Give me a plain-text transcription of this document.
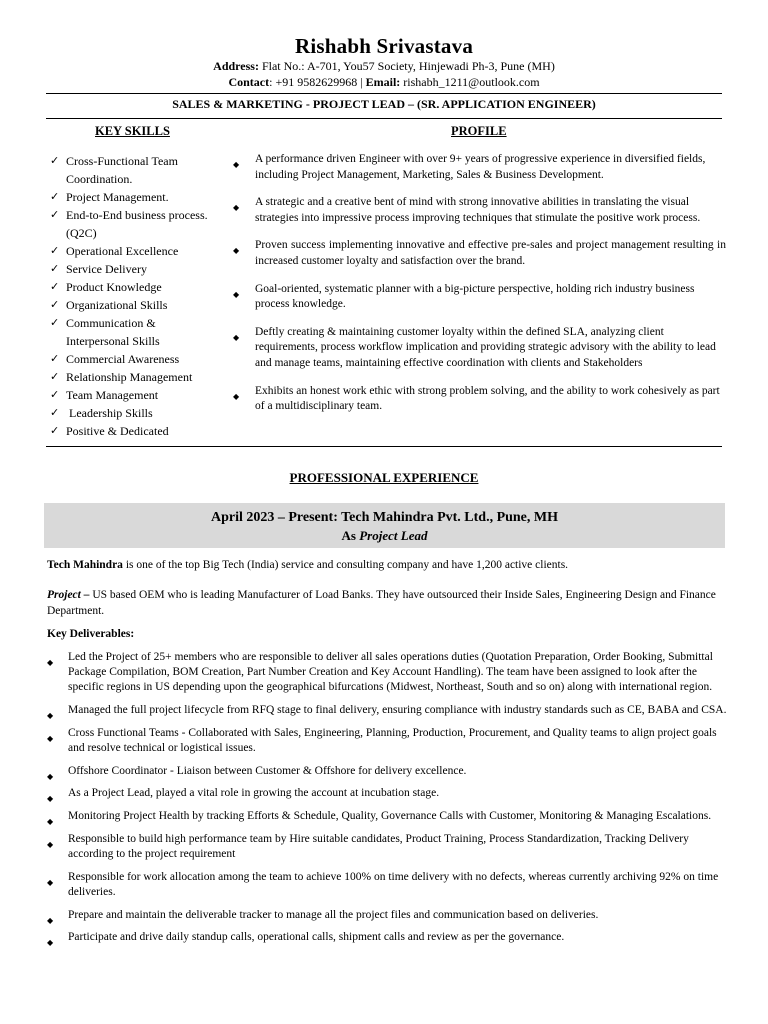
Rishabh Srivastava
Address: Flat No.: A-701, You57 Society, Hinjewadi Ph-3, Pune (MH)
Contact: +91 9582629968 | Email: rishabh_1211@outlook.com
SALES & MARKETING - PROJECT LEAD – (SR. APPLICATION ENGINEER)
KEY SKILLS	PROFILE
✓ Cross-Functional Team
Coordination.
✓ Project Management.
✓ End-to-End business process.
(Q2C)
✓ Operational Excellence
✓ Service Delivery
✓ Product Knowledge
✓ Organizational Skills
✓ Communication &
Interpersonal Skills
✓ Commercial Awareness
✓ Relationship Management
✓ Team Management
✓ Leadership Skills
✓ Positive & Dedicated
◆ A performance driven Engineer with over 9+ years of progressive experience in diversified fields, including Project Management, Marketing, Sales & Business Development.
◆ A strategic and a creative bent of mind with strong innovative abilities in translating the visual strategies into impressive process improving techniques that stimulate the positive work process.
◆ Proven success implementing innovative and effective pre-sales and project management resulting in increased customer loyalty and satisfaction over the brand.
◆ Goal-oriented, systematic planner with a big-picture perspective, holding rich industry business process knowledge.
◆ Deftly creating & maintaining customer loyalty within the defined SLA, analyzing client requirements, process workflow implication and providing strategic advisory with the ability to lead and manage teams, maintaining effective coordination with clients and Stakeholders
◆ Exhibits an honest work ethic with strong problem solving, and the ability to work cohesively as part of a multidisciplinary team.
PROFESSIONAL EXPERIENCE
April 2023 – Present: Tech Mahindra Pvt. Ltd., Pune, MH
As Project Lead
Tech Mahindra is one of the top Big Tech (India) service and consulting company and have 1,200 active clients.
Project – US based OEM who is leading Manufacturer of Load Banks. They have outsourced their Inside Sales, Engineering Design and Finance Department.
Key Deliverables:
◆ Led the Project of 25+ members who are responsible to deliver all sales operations duties (Quotation Preparation, Order Booking, Submittal Package Compilation, BOM Creation, Part Number Creation and Key Account Handling). The team have been assigned to look after the specific regions in US depending upon the geographical bifurcations (Midwest, Northeast, South and so on) along with international region.
◆ Managed the full project lifecycle from RFQ stage to final delivery, ensuring compliance with industry standards such as CE, BABA and CSA.
◆ Cross Functional Teams - Collaborated with Sales, Engineering, Planning, Production, Procurement, and Quality teams to align project goals and resolve technical or logistical issues.
◆ Offshore Coordinator - Liaison between Customer & Offshore for delivery excellence.
◆ As a Project Lead, played a vital role in growing the account at incubation stage.
◆ Monitoring Project Health by tracking Efforts & Schedule, Quality, Governance Calls with Customer, Monitoring & Managing Escalations.
◆ Responsible to build high performance team by Hire suitable candidates, Product Training, Process Standardization, Tracking Delivery according to the project requirement
◆ Responsible for work allocation among the team to achieve 100% on time delivery with no defects, whereas currently archiving 92% on time deliveries.
◆ Prepare and maintain the deliverable tracker to manage all the project files and communication based on deliveries.
◆ Participate and drive daily standup calls, operational calls, shipment calls and review as per the governance.
